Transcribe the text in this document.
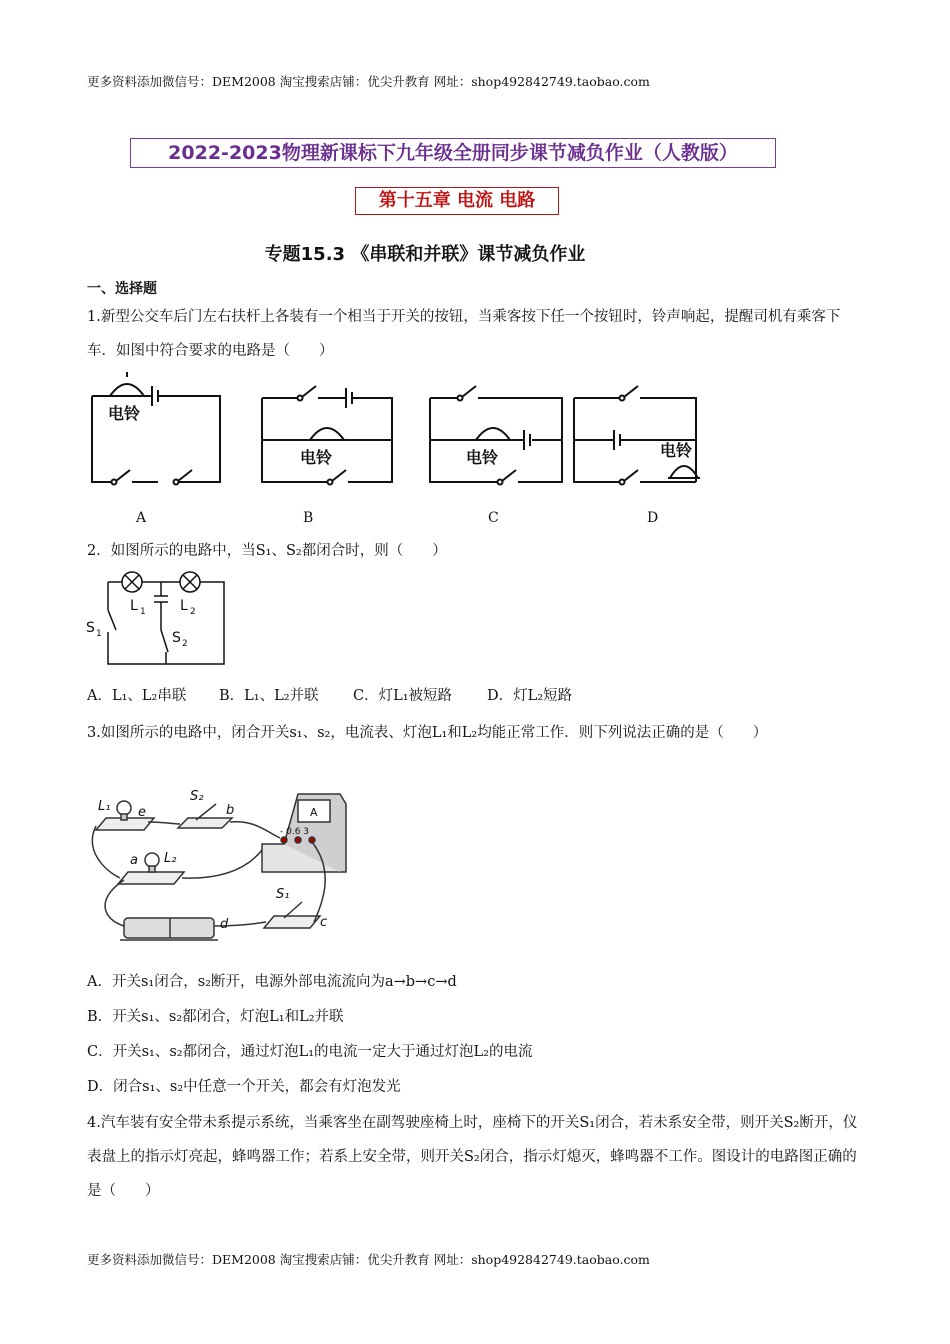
更多资料添加微信号：DEM2008 淘宝搜索店铺：优尖升教育 网址：shop492842749.taobao.com
2022-2023物理新课标下九年级全册同步课节减负作业（人教版）
第十五章 电流 电路
专题15.3 《串联和并联》课节减负作业
一、选择题
1.新型公交车后门左右扶杆上各装有一个相当于开关的按钮，当乘客按下任一个按钮时，铃声响起，提醒司机有乘客下车．如图中符合要求的电路是（　　）
电铃
电铃	电铃	电铃
A	B	C	D
2．如图所示的电路中，当S₁、S₂都闭合时，则（　　）
L 1 L 2
S 1	S 2
A．L₁、L₂串联 B．L₁、L₂并联 C．灯L₁被短路 D．灯L₂短路
3.如图所示的电路中，闭合开关s₁、s₂，电流表、灯泡L₁和L₂均能正常工作．则下列说法正确的是（　　）
L₁ e
S₂
b
a L₂
S₁
d	c
A
- 0.6 3
A．开关s₁闭合，s₂断开，电源外部电流流向为a→b→c→d
B．开关s₁、s₂都闭合，灯泡L₁和L₂并联
C．开关s₁、s₂都闭合，通过灯泡L₁的电流一定大于通过灯泡L₂的电流
D．闭合s₁、s₂中任意一个开关，都会有灯泡发光
4.汽车装有安全带未系提示系统，当乘客坐在副驾驶座椅上时，座椅下的开关S₁闭合，若未系安全带，则开关S₂断开，仪表盘上的指示灯亮起，蜂鸣器工作；若系上安全带，则开关S₂闭合，指示灯熄灭，蜂鸣器不工作。图设计的电路图正确的是（　　）
更多资料添加微信号：DEM2008 淘宝搜索店铺：优尖升教育 网址：shop492842749.taobao.com
